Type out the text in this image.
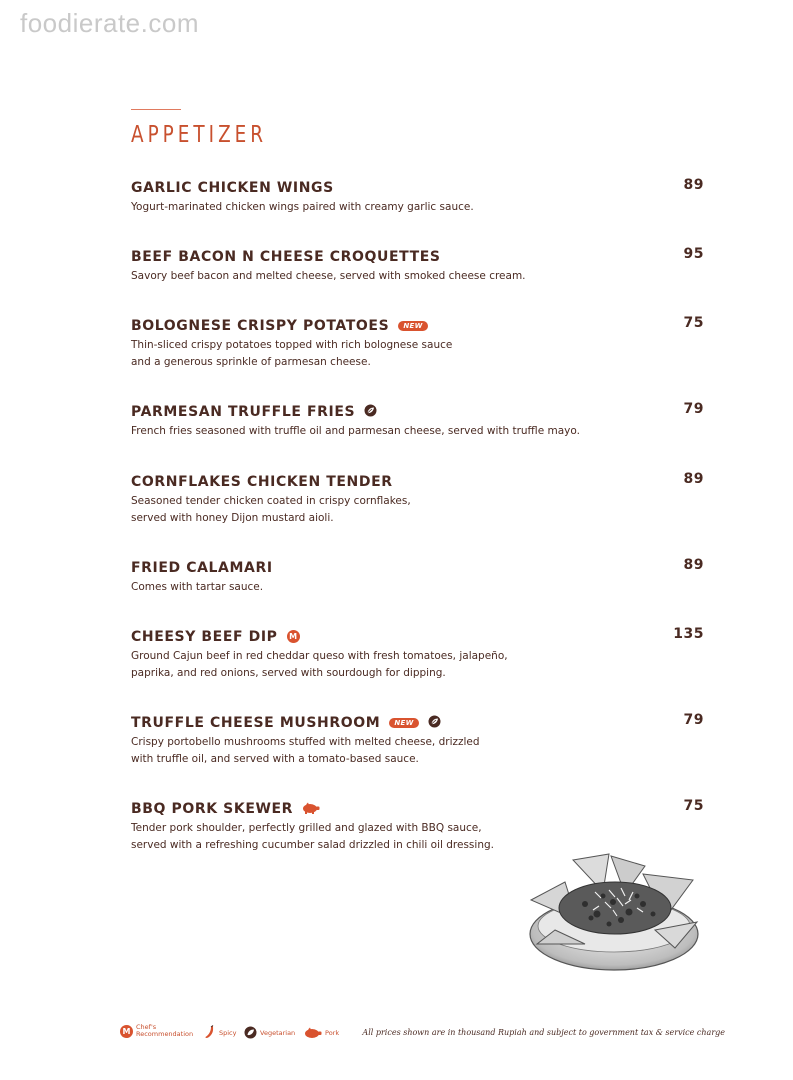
foodierate.com
APPETIZER
GARLIC CHICKEN WINGS	89
Yogurt-marinated chicken wings paired with creamy garlic sauce.
BEEF BACON N CHEESE CROQUETTES	95
Savory beef bacon and melted cheese, served with smoked cheese cream.
BOLOGNESE CRISPY POTATOES NEW	75
Thin-sliced crispy potatoes topped with rich bolognese sauce
and a generous sprinkle of parmesan cheese.
PARMESAN TRUFFLE FRIES	79
French fries seasoned with truffle oil and parmesan cheese, served with truffle mayo.
CORNFLAKES CHICKEN TENDER	89
Seasoned tender chicken coated in crispy cornflakes,
served with honey Dijon mustard aioli.
FRIED CALAMARI	89
Comes with tartar sauce.
CHEESY BEEF DIP M	135
Ground Cajun beef in red cheddar queso with fresh tomatoes, jalapeño,
paprika, and red onions, served with sourdough for dipping.
TRUFFLE CHEESE MUSHROOM NEW	79
Crispy portobello mushrooms stuffed with melted cheese, drizzled
with truffle oil, and served with a tomato-based sauce.
BBQ PORK SKEWER	75
Tender pork shoulder, perfectly grilled and glazed with BBQ sauce,
served with a refreshing cucumber salad drizzled in chili oil dressing.
M Chef's
Recommendation	Spicy	Vegetarian	Pork	All prices shown are in thousand Rupiah and subject to government tax & service charge
